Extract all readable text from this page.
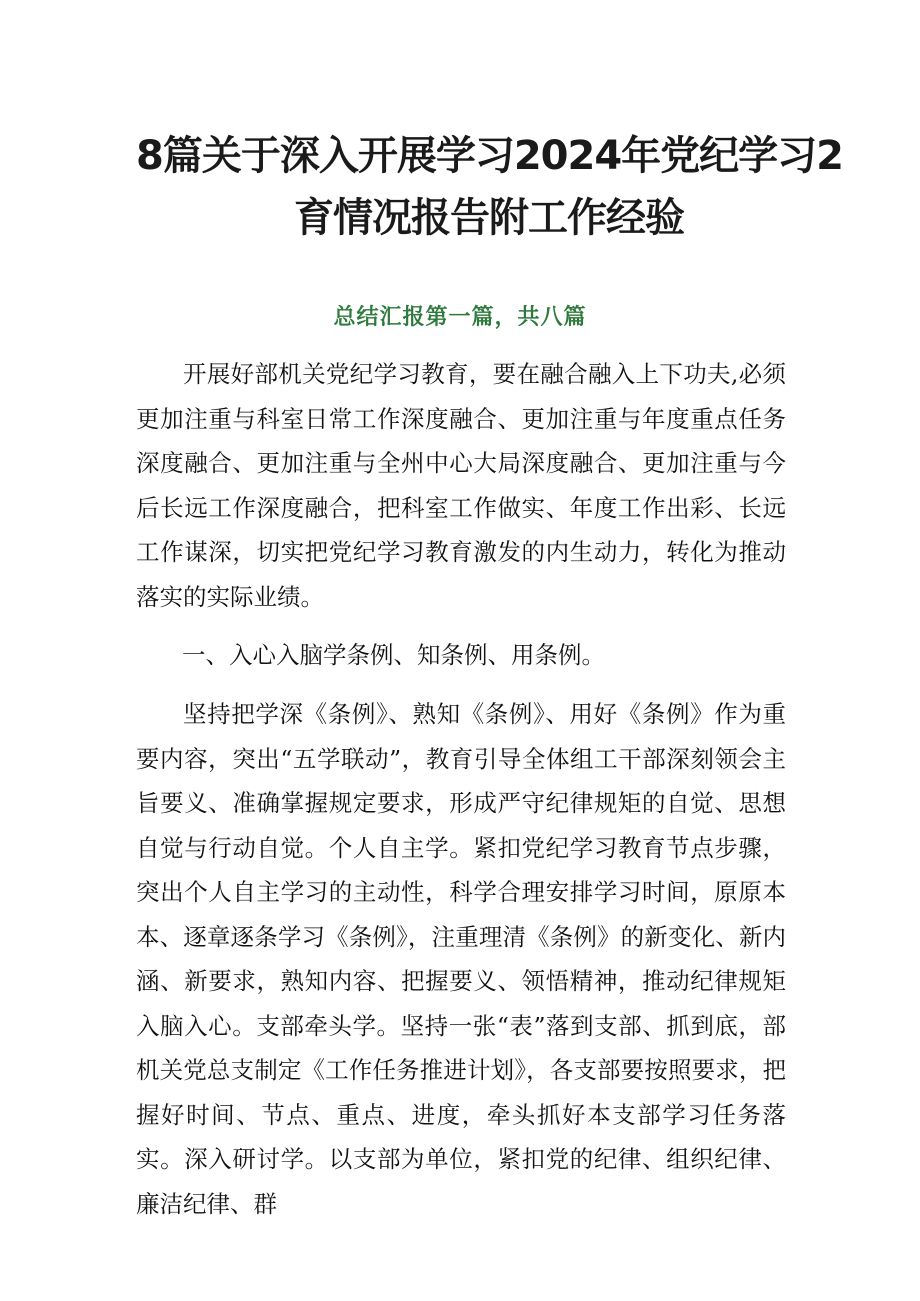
8篇关于深入开展学习2024年党纪学习2
育情况报告附工作经验
总结汇报第一篇，共八篇

开展好部机关党纪学习教育，要在融合融入上下功夫,必须更加注重与科室日常工作深度融合、更加注重与年度重点任务深度融合、更加注重与全州中心大局深度融合、更加注重与今后长远工作深度融合，把科室工作做实、年度工作出彩、长远工作谋深，切实把党纪学习教育激发的内生动力，转化为推动落实的实际业绩。

一、入心入脑学条例、知条例、用条例。

坚持把学深《条例》、熟知《条例》、用好《条例》作为重要内容，突出“五学联动”，教育引导全体组工干部深刻领会主旨要义、准确掌握规定要求，形成严守纪律规矩的自觉、思想自觉与行动自觉。个人自主学。紧扣党纪学习教育节点步骤，突出个人自主学习的主动性，科学合理安排学习时间，原原本本、逐章逐条学习《条例》，注重理清《条例》的新变化、新内涵、新要求，熟知内容、把握要义、领悟精神，推动纪律规矩入脑入心。支部牵头学。坚持一张“表”落到支部、抓到底，部机关党总支制定《工作任务推进计划》，各支部要按照要求，把握好时间、节点、重点、进度，牵头抓好本支部学习任务落实。深入研讨学。以支部为单位，紧扣党的纪律、组织纪律、廉洁纪律、群
